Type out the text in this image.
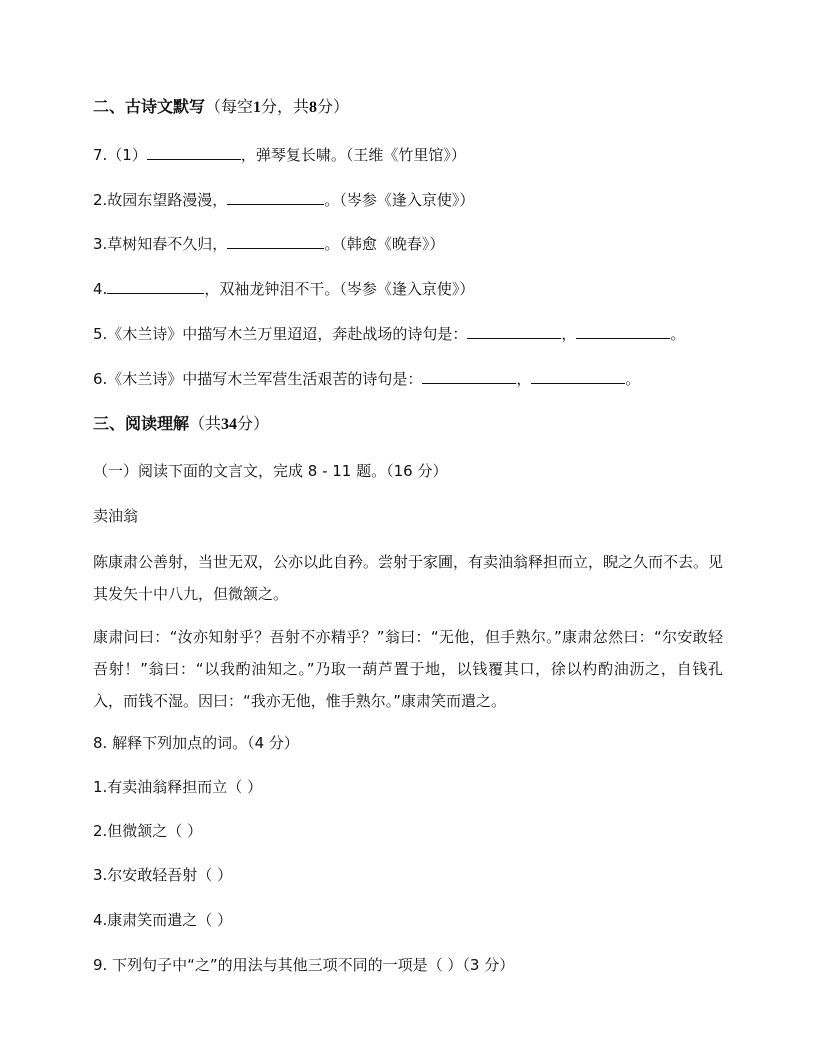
二、古诗文默写（每空1分，共8分）
7.（1）	，弹琴复长啸。（王维《竹里馆》）
2.故园东望路漫漫，	。（岑参《逢入京使》）
3.草树知春不久归，	。（韩愈《晚春》）
4.	，双袖龙钟泪不干。（岑参《逢入京使》）
5.《木兰诗》中描写木兰万里迢迢，奔赴战场的诗句是：	，	。
6.《木兰诗》中描写木兰军营生活艰苦的诗句是：	，	。
三、阅读理解（共34分）
（一）阅读下面的文言文，完成 8 - 11 题。（16 分）
卖油翁
陈康肃公善射，当世无双，公亦以此自矜。尝射于家圃，有卖油翁释担而立，睨之久而不去。见其发矢十中八九，但微颔之。
康肃问曰：“汝亦知射乎？吾射不亦精乎？”翁曰：“无他，但手熟尔。”康肃忿然曰：“尔安敢轻吾射！”翁曰：“以我酌油知之。”乃取一葫芦置于地，以钱覆其口，徐以杓酌油沥之，自钱孔入，而钱不湿。因曰：“我亦无他，惟手熟尔。”康肃笑而遣之。
8. 解释下列加点的词。（4 分）
1.有卖油翁释担而立（ ）
2.但微颔之（ ）
3.尔安敢轻吾射（ ）
4.康肃笑而遣之（ ）
9. 下列句子中“之”的用法与其他三项不同的一项是（ ）（3 分）
